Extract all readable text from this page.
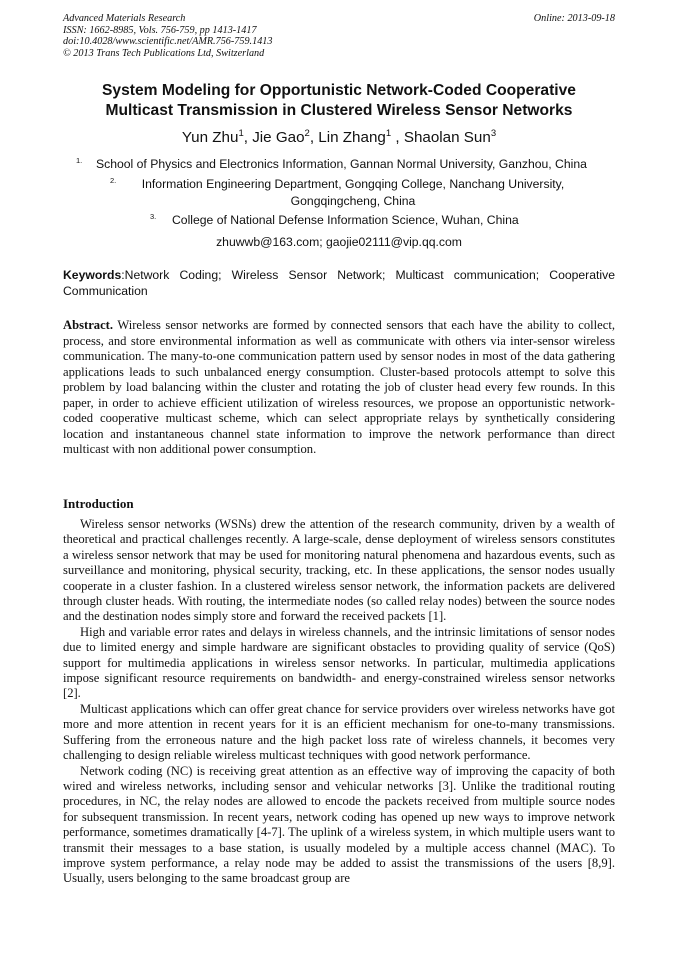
Advanced Materials Research	Online: 2013-09-18
ISSN: 1662-8985, Vols. 756-759, pp 1413-1417
doi:10.4028/www.scientific.net/AMR.756-759.1413
© 2013 Trans Tech Publications Ltd, Switzerland
System Modeling for Opportunistic Network-Coded Cooperative
Multicast Transmission in Clustered Wireless Sensor Networks
Yun Zhu$^1$, Jie Gao$^2$, Lin Zhang$^1$ , Shaolan Sun$^3$
1. School of Physics and Electronics Information, Gannan Normal University, Ganzhou, China
2. Information Engineering Department, Gongqing College, Nanchang University, Gongqingcheng, China
3. College of National Defense Information Science, Wuhan, China
zhuwwb@163.com; gaojie02111@vip.qq.com
Keywords:Network Coding; Wireless Sensor Network; Multicast communication; Cooperative Communication
Abstract. Wireless sensor networks are formed by connected sensors that each have the ability to collect, process, and store environmental information as well as communicate with others via inter-sensor wireless communication. The many-to-one communication pattern used by sensor nodes in most of the data gathering applications leads to such unbalanced energy consumption. Cluster-based protocols attempt to solve this problem by load balancing within the cluster and rotating the job of cluster head every few rounds. In this paper, in order to achieve efficient utilization of wireless resources, we propose an opportunistic network-coded cooperative multicast scheme, which can select appropriate relays by synthetically considering location and instantaneous channel state information to improve the network performance than direct multicast with non additional power consumption.
Introduction

Wireless sensor networks (WSNs) drew the attention of the research community, driven by a wealth of theoretical and practical challenges recently. A large-scale, dense deployment of wireless sensors constitutes a wireless sensor network that may be used for monitoring natural phenomena and hazardous events, such as surveillance and monitoring, physical security, tracking, etc. In these applications, the sensor nodes usually cooperate in a cluster fashion. In a clustered wireless sensor network, the information packets are delivered through cluster heads. With routing, the intermediate nodes (so called relay nodes) between the source nodes and the destination nodes simply store and forward the received packets [1].

High and variable error rates and delays in wireless channels, and the intrinsic limitations of sensor nodes due to limited energy and simple hardware are significant obstacles to providing quality of service (QoS) support for multimedia applications in wireless sensor networks. In particular, multimedia applications impose significant resource requirements on bandwidth- and energy-constrained wireless sensor networks [2].

Multicast applications which can offer great chance for service providers over wireless networks have got more and more attention in recent years for it is an efficient mechanism for one-to-many transmissions. Suffering from the erroneous nature and the high packet loss rate of wireless channels, it becomes very challenging to design reliable wireless multicast techniques with good network performance.

Network coding (NC) is receiving great attention as an effective way of improving the capacity of both wired and wireless networks, including sensor and vehicular networks [3]. Unlike the traditional routing procedures, in NC, the relay nodes are allowed to encode the packets received from multiple source nodes for subsequent transmission. In recent years, network coding has opened up new ways to improve network performance, sometimes dramatically [4-7]. The uplink of a wireless system, in which multiple users want to transmit their messages to a base station, is usually modeled by a multiple access channel (MAC). To improve system performance, a relay node may be added to assist the transmissions of the users [8,9]. Usually, users belonging to the same broadcast group are
